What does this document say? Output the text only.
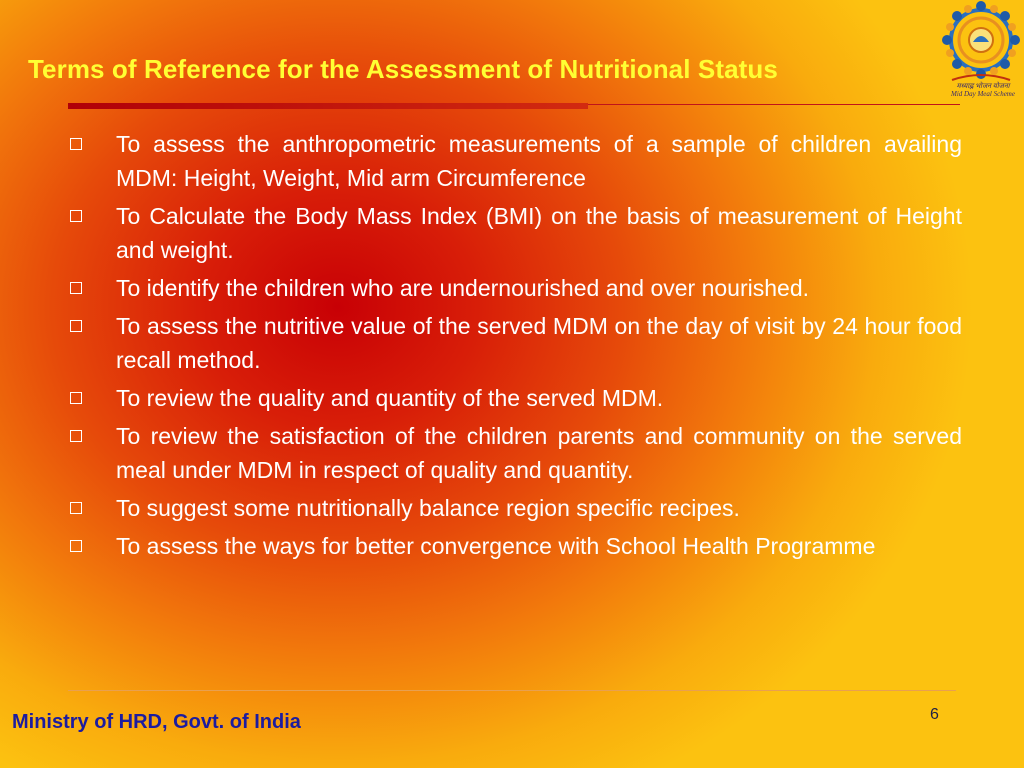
Terms of Reference for the Assessment of Nutritional Status
मध्याह्न भोजन योजना
Mid Day Meal Scheme
To assess the anthropometric measurements of a sample of children availing MDM: Height, Weight, Mid arm Circumference
To Calculate the Body Mass Index (BMI) on the basis of measurement of Height and weight.
To identify the children who are undernourished and over nourished.
To assess the nutritive value of the served MDM on the day of visit by 24 hour food recall method.
To review the quality and quantity of the served MDM.
To review the satisfaction of the children parents and community on the served meal under MDM in respect of quality and quantity.
To suggest some nutritionally balance region specific recipes.
To assess the ways for better convergence with School Health Programme
Ministry of HRD, Govt. of India	6
